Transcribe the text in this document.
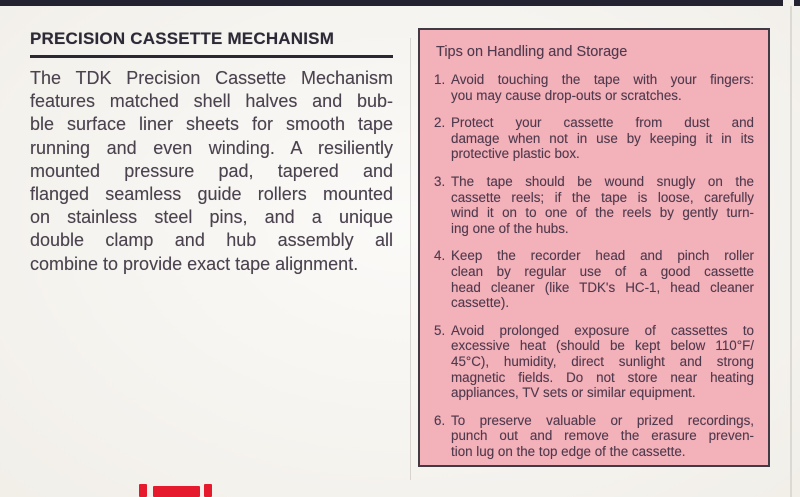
PRECISION CASSETTE MECHANISM
The TDK Precision Cassette Mechanism
features matched shell halves and bub-
ble surface liner sheets for smooth tape
running and even winding. A resiliently
mounted pressure pad, tapered and
flanged seamless guide rollers mounted
on stainless steel pins, and a unique
double clamp and hub assembly all
combine to provide exact tape alignment.
Tips on Handling and Storage
1. Avoid touching the tape with your fingers:
you may cause drop-outs or scratches.
2. Protect your cassette from dust and
damage when not in use by keeping it in its
protective plastic box.
3. The tape should be wound snugly on the
cassette reels; if the tape is loose, carefully
wind it on to one of the reels by gently turn-
ing one of the hubs.
4. Keep the recorder head and pinch roller
clean by regular use of a good cassette
head cleaner (like TDK's HC-1, head cleaner
cassette).
5. Avoid prolonged exposure of cassettes to
excessive heat (should be kept below 110°F/
45°C), humidity, direct sunlight and strong
magnetic fields. Do not store near heating
appliances, TV sets or similar equipment.
6. To preserve valuable or prized recordings,
punch out and remove the erasure preven-
tion lug on the top edge of the cassette.
